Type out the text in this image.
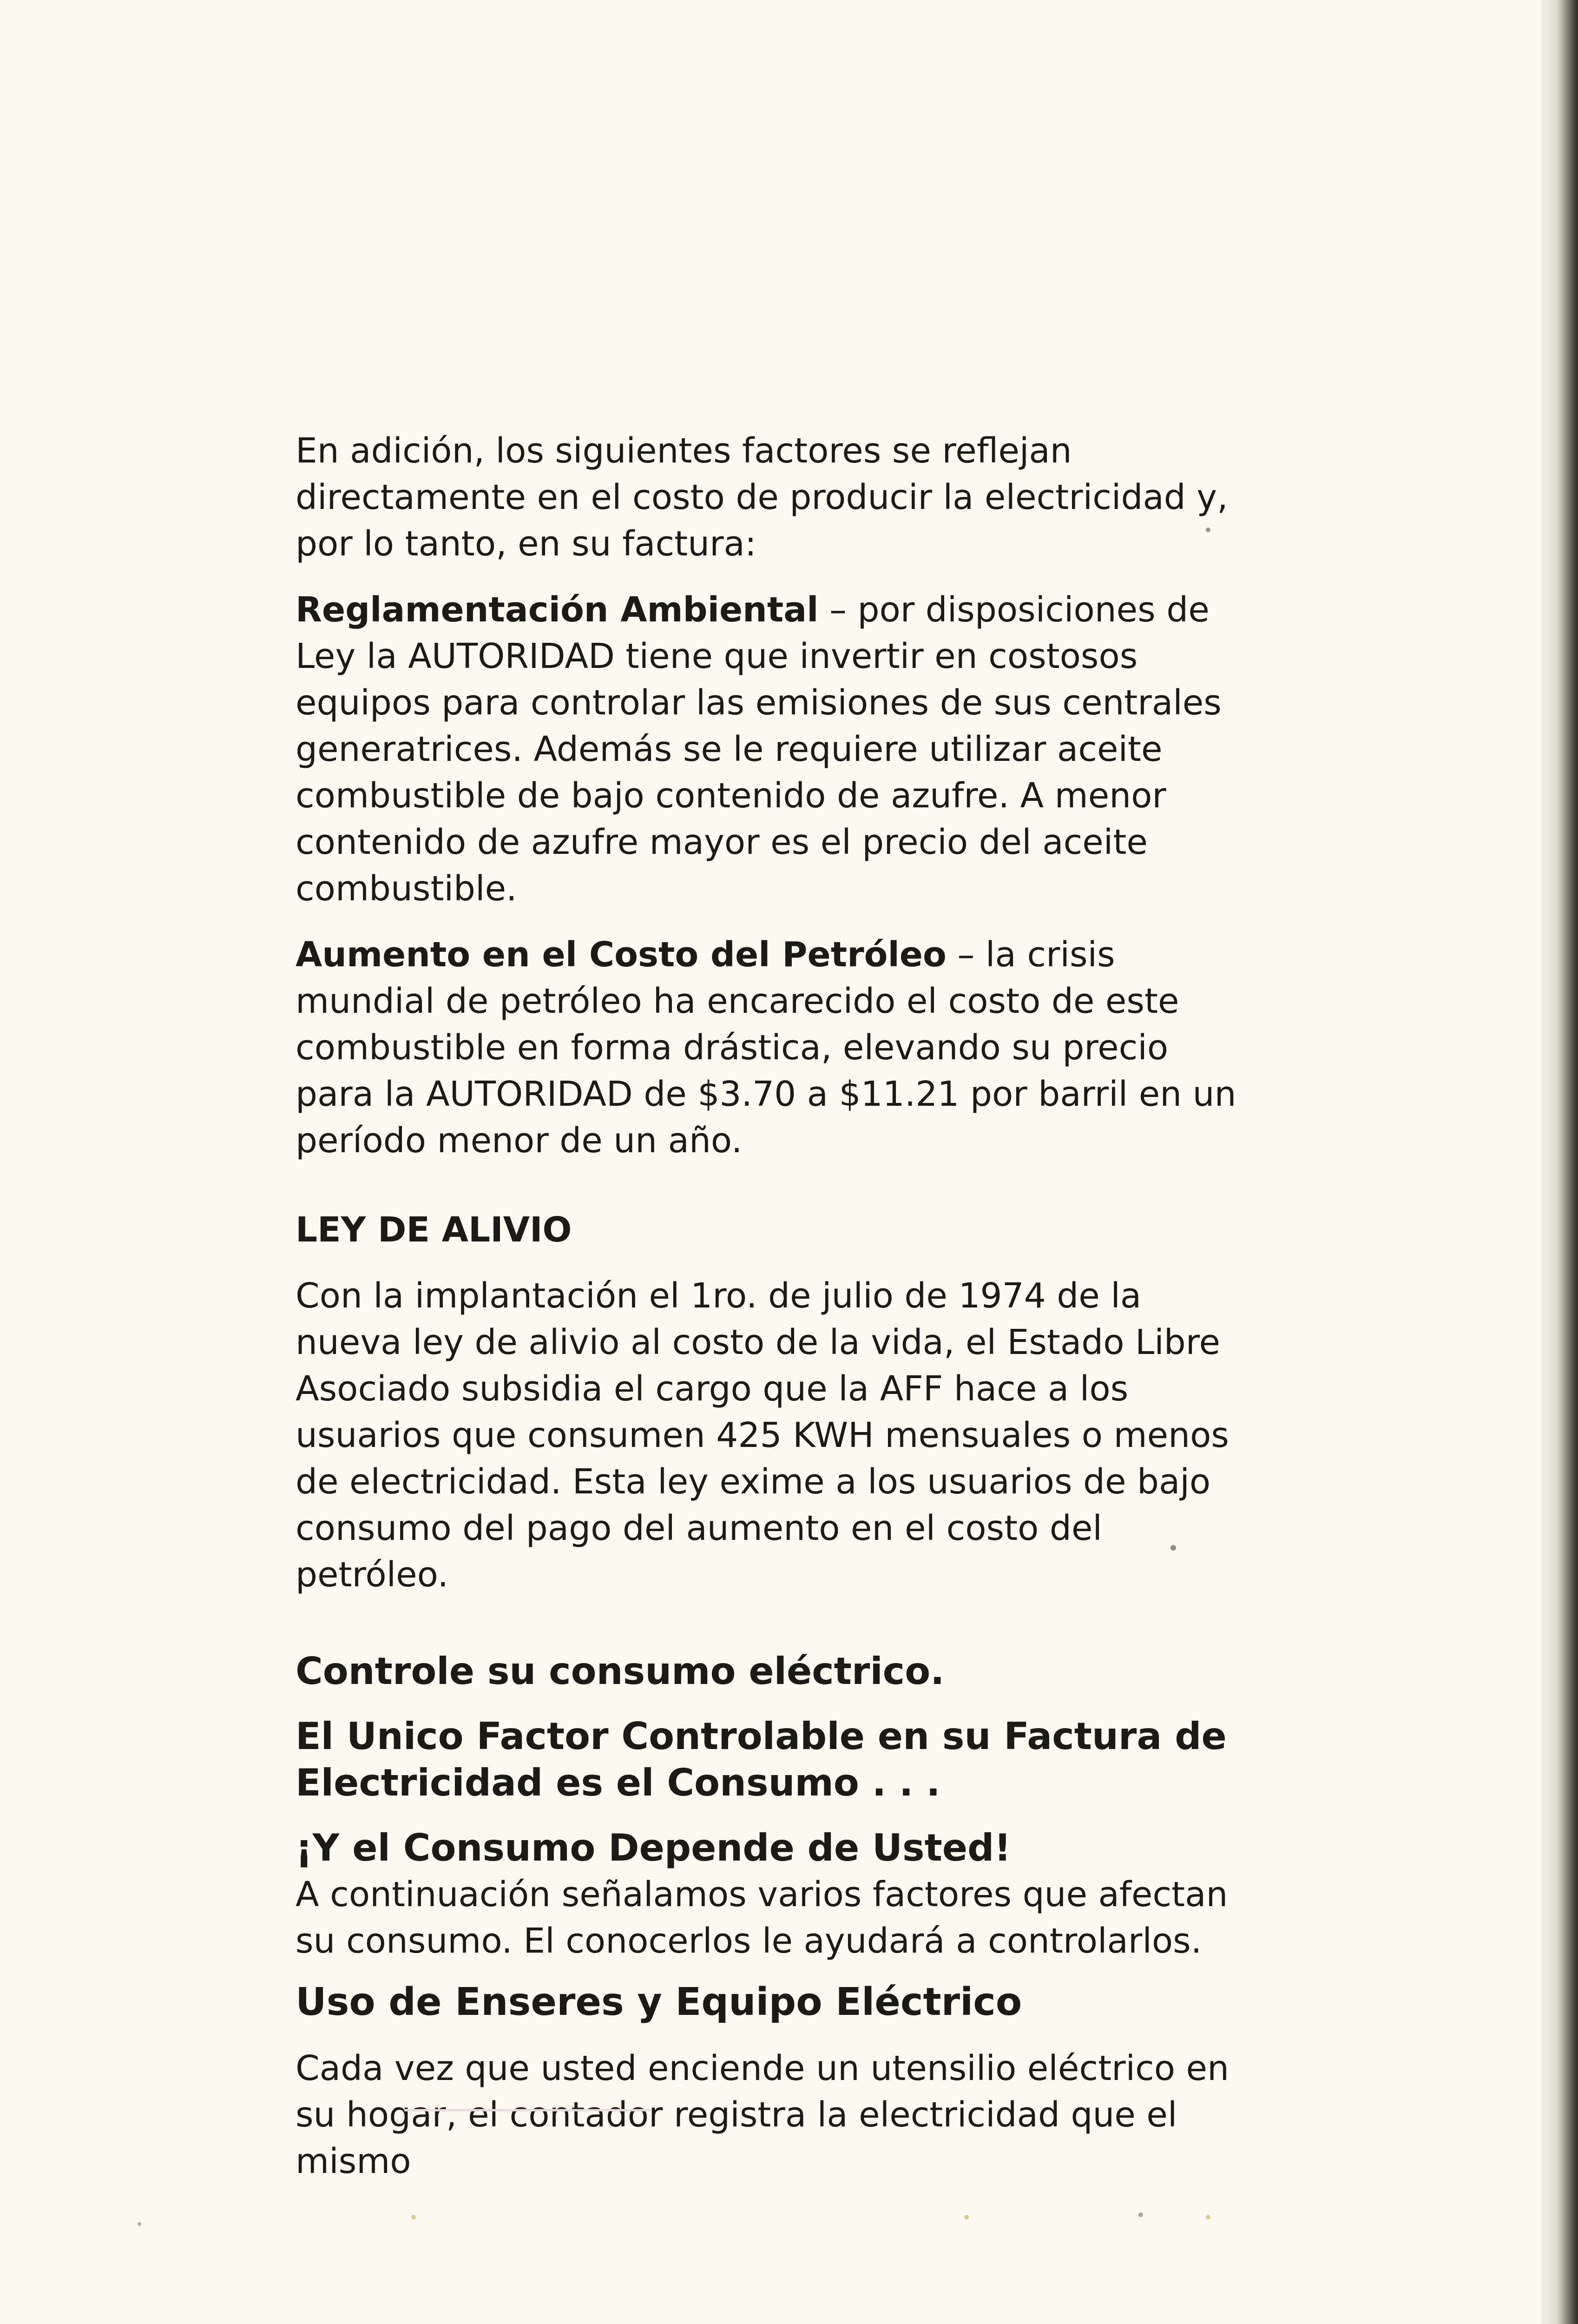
En adición, los siguientes factores se reflejan directamente en el costo de producir la electricidad y, por lo tanto, en su factura:

Reglamentación Ambiental – por disposiciones de Ley la AUTORIDAD tiene que invertir en costosos equipos para controlar las emisiones de sus centrales generatrices. Además se le requiere utilizar aceite combustible de bajo contenido de azufre. A menor contenido de azufre mayor es el precio del aceite combustible.

Aumento en el Costo del Petróleo – la crisis mundial de petróleo ha encarecido el costo de este combustible en forma drástica, elevando su precio para la AUTORIDAD de $3.70 a $11.21 por barril en un período menor de un año.

LEY DE ALIVIO

Con la implantación el 1ro. de julio de 1974 de la nueva ley de alivio al costo de la vida, el Estado Libre Asociado subsidia el cargo que la AFF hace a los usuarios que consumen 425 KWH mensuales o menos de electricidad. Esta ley exime a los usuarios de bajo consumo del pago del aumento en el costo del petróleo.

Controle su consumo eléctrico.
El Unico Factor Controlable en su Factura de Electricidad es el Consumo . . .
¡Y el Consumo Depende de Usted!

A continuación señalamos varios factores que afectan su consumo. El conocerlos le ayudará a controlarlos.

Uso de Enseres y Equipo Eléctrico

Cada vez que usted enciende un utensilio eléctrico en su hogar, el contador registra la electricidad que el mismo
